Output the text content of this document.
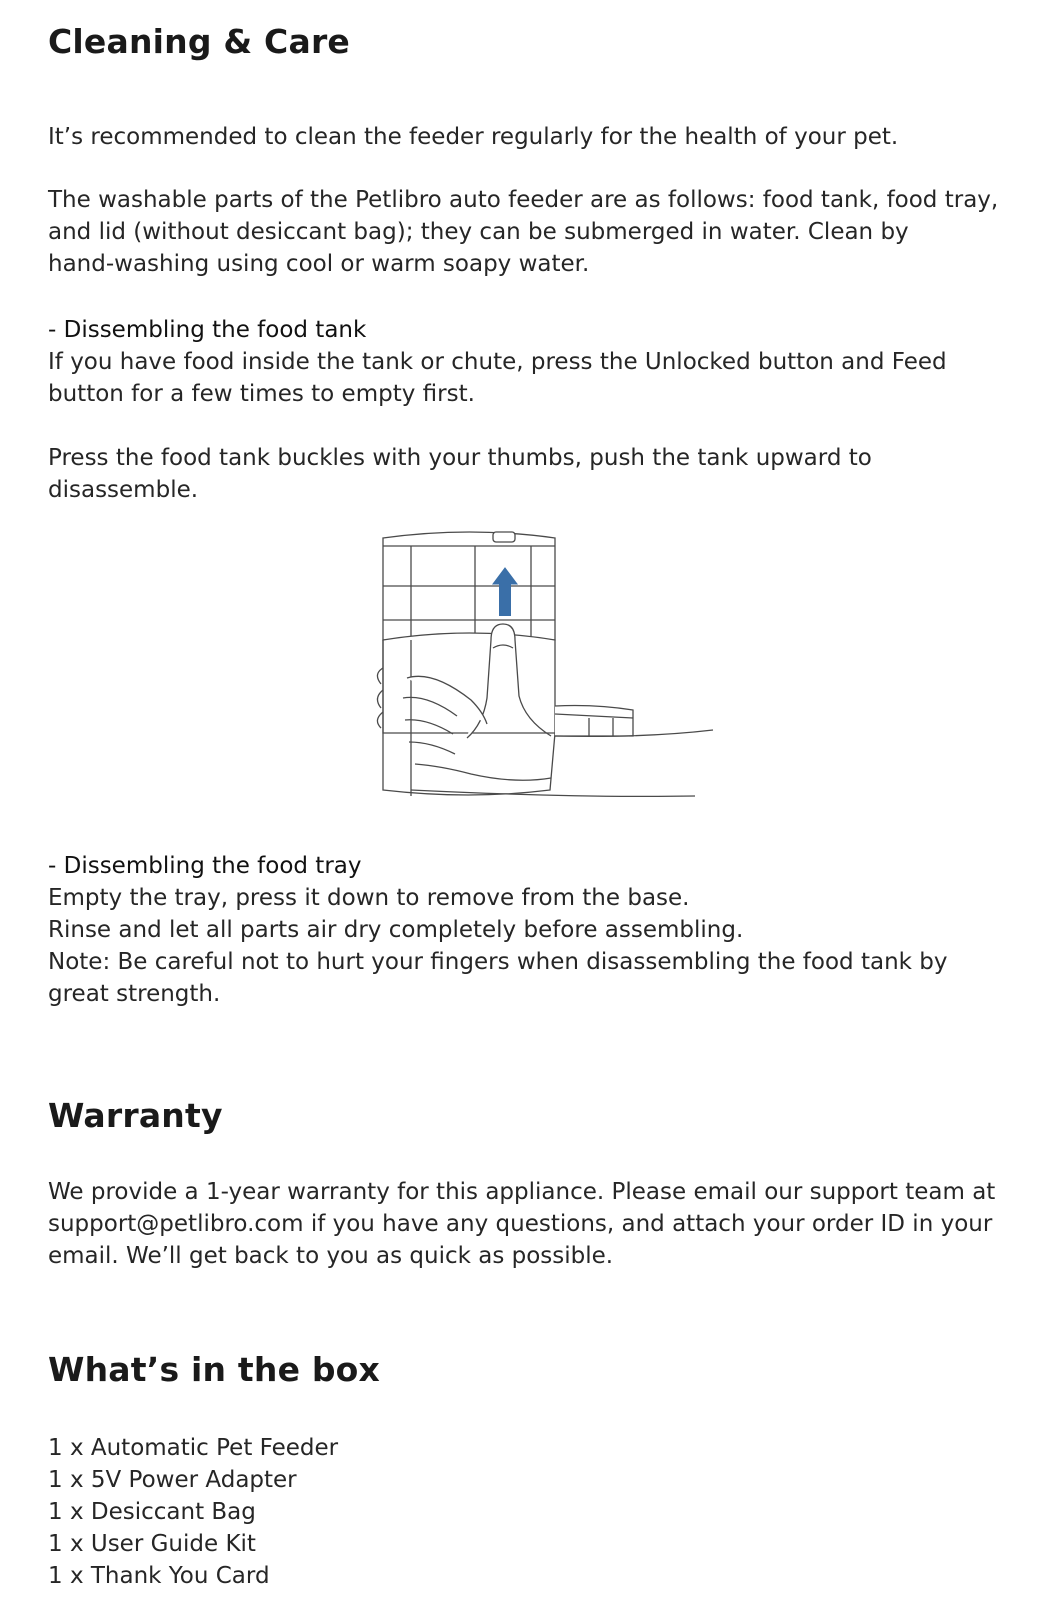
Cleaning & Care

It’s recommended to clean the feeder regularly for the health of your pet.

The washable parts of the Petlibro auto feeder are as follows: food tank, food tray,
and lid (without desiccant bag); they can be submerged in water. Clean by
hand-washing using cool or warm soapy water.

- Dissembling the food tank
If you have food inside the tank or chute, press the Unlocked button and Feed
button for a few times to empty first.

Press the food tank buckles with your thumbs, push the tank upward to
disassemble.

- Dissembling the food tray
Empty the tray, press it down to remove from the base.
Rinse and let all parts air dry completely before assembling.
Note: Be careful not to hurt your fingers when disassembling the food tank by
great strength.

Warranty

We provide a 1-year warranty for this appliance. Please email our support team at
support@petlibro.com if you have any questions, and attach your order ID in your
email. We’ll get back to you as quick as possible.

What’s in the box
1 x Automatic Pet Feeder
1 x 5V Power Adapter
1 x Desiccant Bag
1 x User Guide Kit
1 x Thank You Card
